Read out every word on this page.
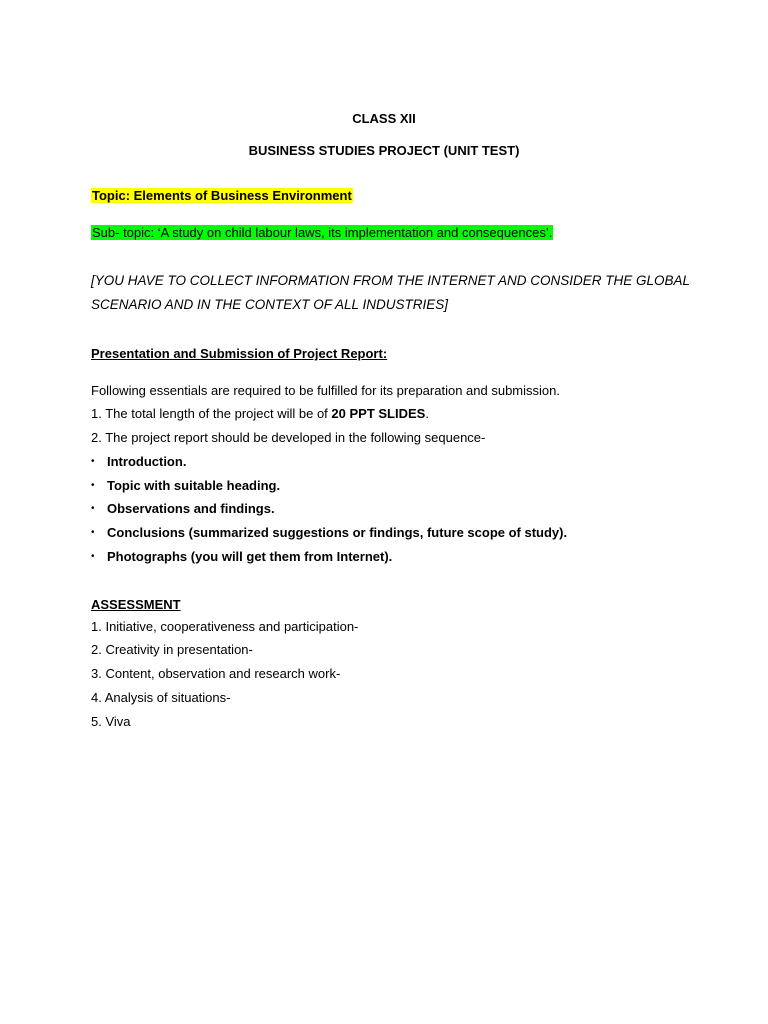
CLASS XII
BUSINESS STUDIES PROJECT (UNIT TEST)
Topic: Elements of Business Environment
Sub- topic: ‘A study on child labour laws, its implementation and consequences’.
[YOU HAVE TO COLLECT INFORMATION FROM THE INTERNET AND CONSIDER THE GLOBAL
SCENARIO AND IN THE CONTEXT OF ALL INDUSTRIES]
Presentation and Submission of Project Report:
Following essentials are required to be fulfilled for its preparation and submission.
1. The total length of the project will be of 20 PPT SLIDES.
2. The project report should be developed in the following sequence-
• Introduction.
• Topic with suitable heading.
• Observations and findings.
• Conclusions (summarized suggestions or findings, future scope of study).
• Photographs (you will get them from Internet).
ASSESSMENT
1. Initiative, cooperativeness and participation-
2. Creativity in presentation-
3. Content, observation and research work-
4. Analysis of situations-
5. Viva
